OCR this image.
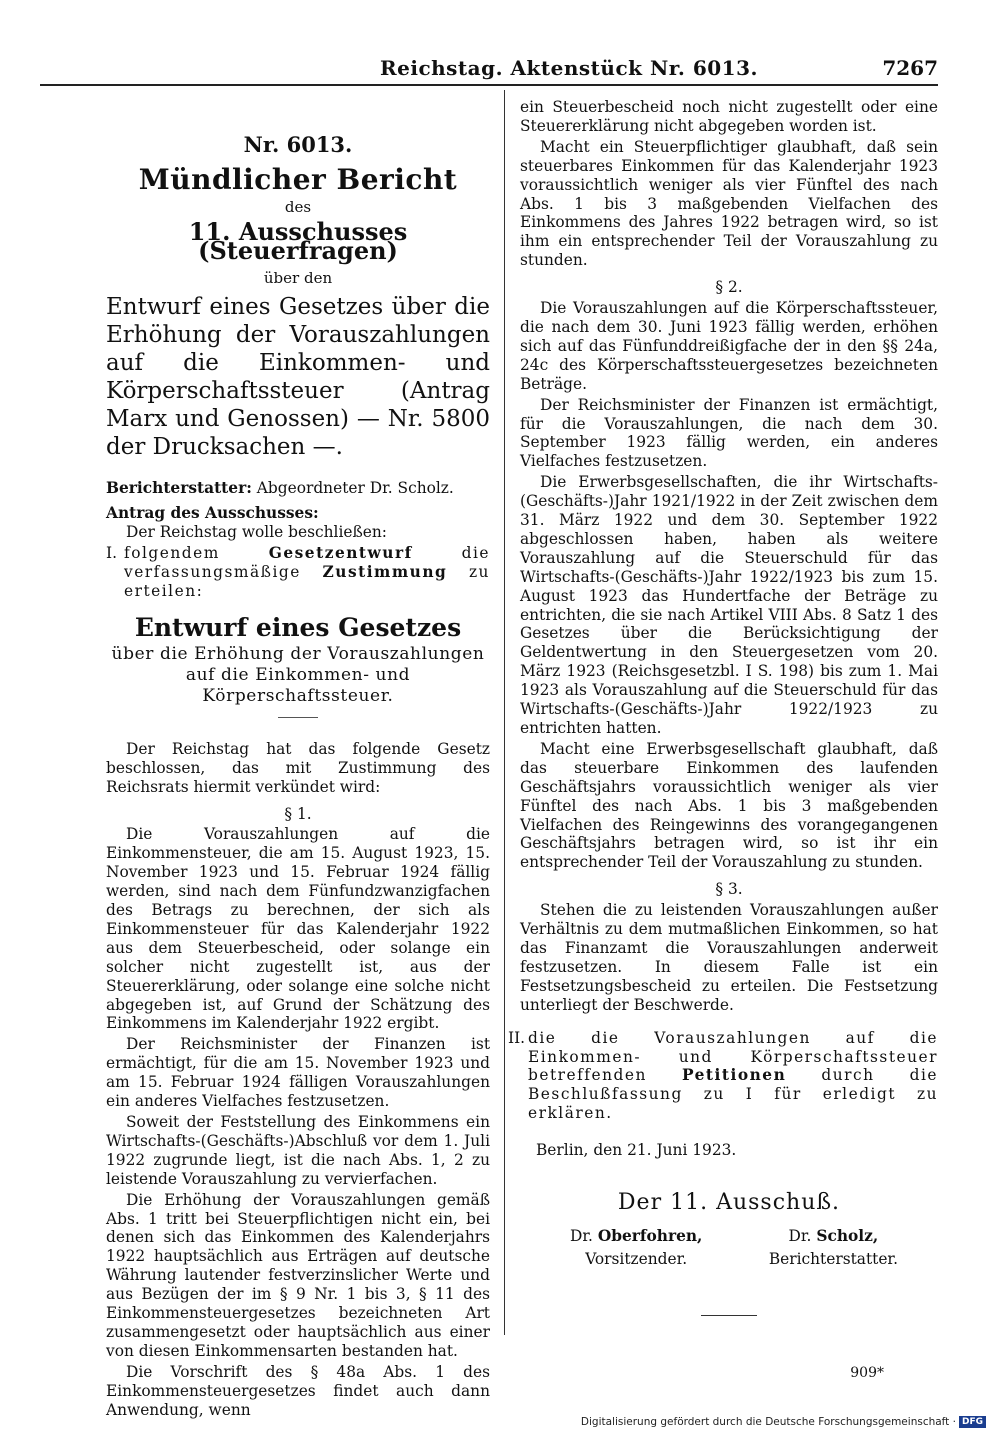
Reichstag. Aktenstück Nr. 6013.	7267
Nr. 6013.
Mündlicher Bericht
des
11. Ausschusses (Steuerfragen)
über den

Entwurf eines Gesetzes über die Erhöhung der Vorauszahlungen auf die Einkommen- und Körperschaftssteuer (Antrag Marx und Genossen) — Nr. 5800 der Drucksachen —.

Berichterstatter: Abgeordneter Dr. Scholz.

Antrag des Ausschusses:

Der Reichstag wolle beschließen:

I. folgendem	Gesetzentwurf	die verfassungsmäßige Zustimmung zu erteilen:

Entwurf eines Gesetzes
über die Erhöhung der Vorauszahlungen auf die Einkommen- und Körperschaftssteuer.

Der Reichstag hat das folgende Gesetz beschlossen, das mit Zustimmung des Reichsrats hiermit verkündet wird:

§ 1.

Die Vorauszahlungen auf die Einkommensteuer, die am 15. August 1923, 15. November 1923 und 15. Februar 1924 fällig werden, sind nach dem Fünfundzwanzigfachen des Betrags zu berechnen, der sich als Einkommensteuer für das Kalenderjahr 1922 aus dem Steuerbescheid, oder solange ein solcher nicht zugestellt ist, aus der Steuererklärung, oder solange eine solche nicht abgegeben ist, auf Grund der Schätzung des Einkommens im Kalenderjahr 1922 ergibt.

Der Reichsminister der Finanzen ist ermächtigt, für die am 15. November 1923 und am 15. Februar 1924 fälligen Vorauszahlungen ein anderes Vielfaches festzusetzen.

Soweit der Feststellung des Einkommens ein Wirtschafts-(Geschäfts-)Abschluß vor dem 1. Juli 1922 zugrunde liegt, ist die nach Abs. 1, 2 zu leistende Vorauszahlung zu vervierfachen.

Die Erhöhung der Vorauszahlungen gemäß Abs. 1 tritt bei Steuerpflichtigen nicht ein, bei denen sich das Einkommen des Kalenderjahrs 1922 hauptsächlich aus Erträgen auf deutsche Währung lautender festverzinslicher Werte und aus Bezügen der im § 9 Nr. 1 bis 3, § 11 des Einkommensteuergesetzes bezeichneten Art zusammengesetzt oder hauptsächlich aus einer von diesen Einkommensarten bestanden hat.

Die Vorschrift des § 48a Abs. 1 des Einkommensteuergesetzes findet auch dann Anwendung, wenn

ein Steuerbescheid noch nicht zugestellt oder eine Steuererklärung nicht abgegeben worden ist.

Macht ein Steuerpflichtiger glaubhaft, daß sein steuerbares Einkommen für das Kalenderjahr 1923 voraussichtlich weniger als vier Fünftel des nach Abs. 1 bis 3 maßgebenden Vielfachen des Einkommens des Jahres 1922 betragen wird, so ist ihm ein entsprechender Teil der Vorauszahlung zu stunden.

§ 2.

Die Vorauszahlungen auf die Körperschaftssteuer, die nach dem 30. Juni 1923 fällig werden, erhöhen sich auf das Fünfunddreißigfache der in den §§ 24a, 24c des Körperschaftssteuergesetzes bezeichneten Beträge.

Der Reichsminister der Finanzen ist ermächtigt, für die Vorauszahlungen, die nach dem 30. September 1923 fällig werden, ein anderes Vielfaches festzusetzen.

Die Erwerbsgesellschaften, die ihr Wirtschafts-(Geschäfts-)Jahr 1921/1922 in der Zeit zwischen dem 31. März 1922 und dem 30. September 1922 abgeschlossen haben, haben als weitere Vorauszahlung auf die Steuerschuld für das Wirtschafts-(Geschäfts-)Jahr 1922/1923 bis zum 15. August 1923 das Hundertfache der Beträge zu entrichten, die sie nach Artikel VIII Abs. 8 Satz 1 des Gesetzes über die Berücksichtigung der Geldentwertung in den Steuergesetzen vom 20. März 1923 (Reichsgesetzbl. I S. 198) bis zum 1. Mai 1923 als Vorauszahlung auf die Steuerschuld für das Wirtschafts-(Geschäfts-)Jahr 1922/1923 zu entrichten hatten.

Macht eine Erwerbsgesellschaft glaubhaft, daß das steuerbare Einkommen des laufenden Geschäftsjahrs voraussichtlich weniger als vier Fünftel des nach Abs. 1 bis 3 maßgebenden Vielfachen des Reingewinns des vorangegangenen Geschäftsjahrs betragen wird, so ist ihr ein entsprechender Teil der Vorauszahlung zu stunden.

§ 3.

Stehen die zu leistenden Vorauszahlungen außer Verhältnis zu dem mutmaßlichen Einkommen, so hat das Finanzamt die Vorauszahlungen anderweit festzusetzen. In diesem Falle ist ein Festsetzungsbescheid zu erteilen. Die Festsetzung unterliegt der Beschwerde.

II. die die Vorauszahlungen auf die Einkommen- und Körperschaftssteuer betreffenden Petitionen durch die Beschlußfassung zu I für erledigt zu erklären.

Berlin, den 21. Juni 1923.

Der 11. Ausschuß.
Dr. Oberfohren,
Vorsitzender.
Dr. Scholz,
Berichterstatter.
909*
Digitalisierung gefördert durch die Deutsche Forschungsgemeinschaft · DFG
